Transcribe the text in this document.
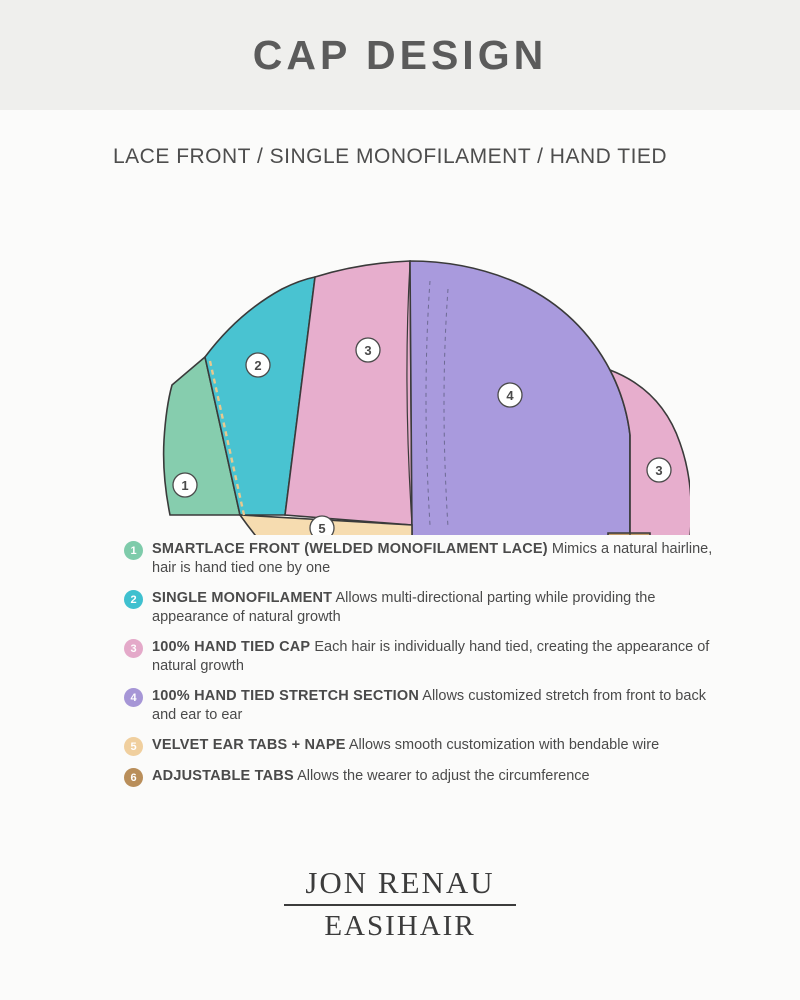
CAP DESIGN
LACE FRONT / SINGLE MONOFILAMENT / HAND TIED
1
2
3
4
5
3
1	SMARTLACE FRONT (WELDED MONOFILAMENT LACE) Mimics a natural hairline, hair is hand tied one by one
2	SINGLE MONOFILAMENT Allows multi-directional parting while providing the appearance of natural growth
3	100% HAND TIED CAP Each hair is individually hand tied, creating the appearance of natural growth
4	100% HAND TIED STRETCH SECTION Allows customized stretch from front to back and ear to ear
5	VELVET EAR TABS + NAPE Allows smooth customization with bendable wire
6	ADJUSTABLE TABS Allows the wearer to adjust the circumference
JON RENAU
EASIHAIR
